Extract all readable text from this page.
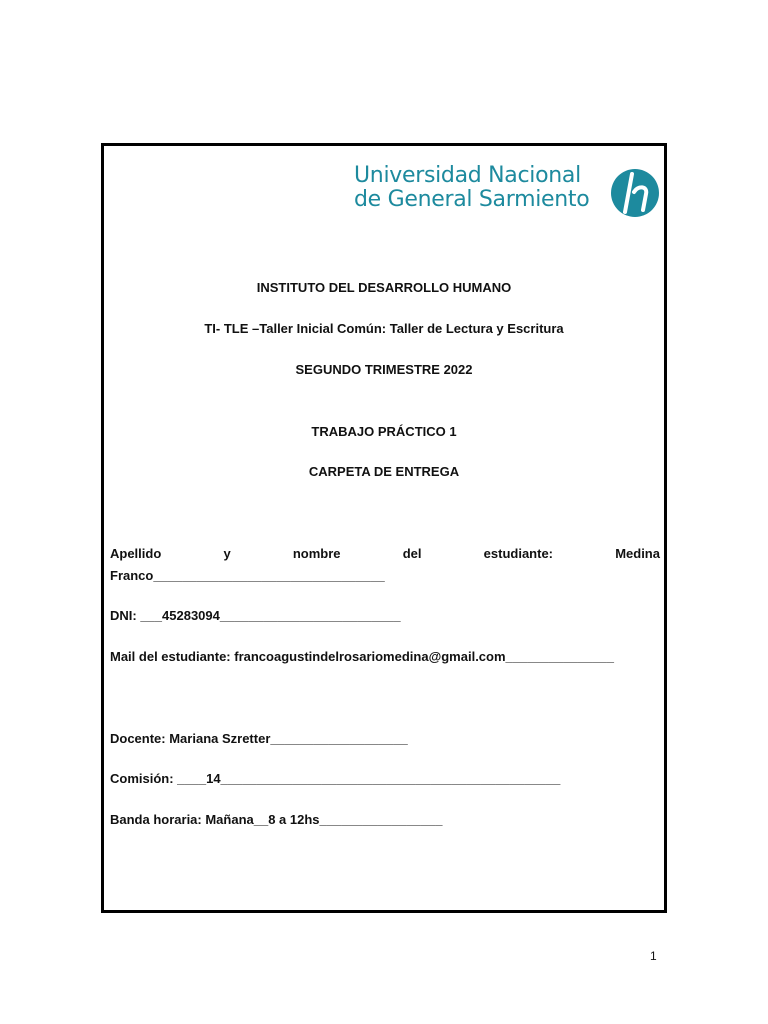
Universidad Nacional
de General Sarmiento
INSTITUTO DEL DESARROLLO HUMANO
TI- TLE –Taller Inicial Común: Taller de Lectura y Escritura
SEGUNDO TRIMESTRE 2022
TRABAJO PRÁCTICO 1
CARPETA DE ENTREGA
Apellido	y	nombre	del	estudiante:	Medina
Franco________________________________
DNI: ___45283094_________________________
Mail del estudiante: francoagustindelrosariomedina@gmail.com_______________
Docente: Mariana Szretter___________________
Comisión: ____14_______________________________________________
Banda horaria: Mañana__8 a 12hs_________________
1
